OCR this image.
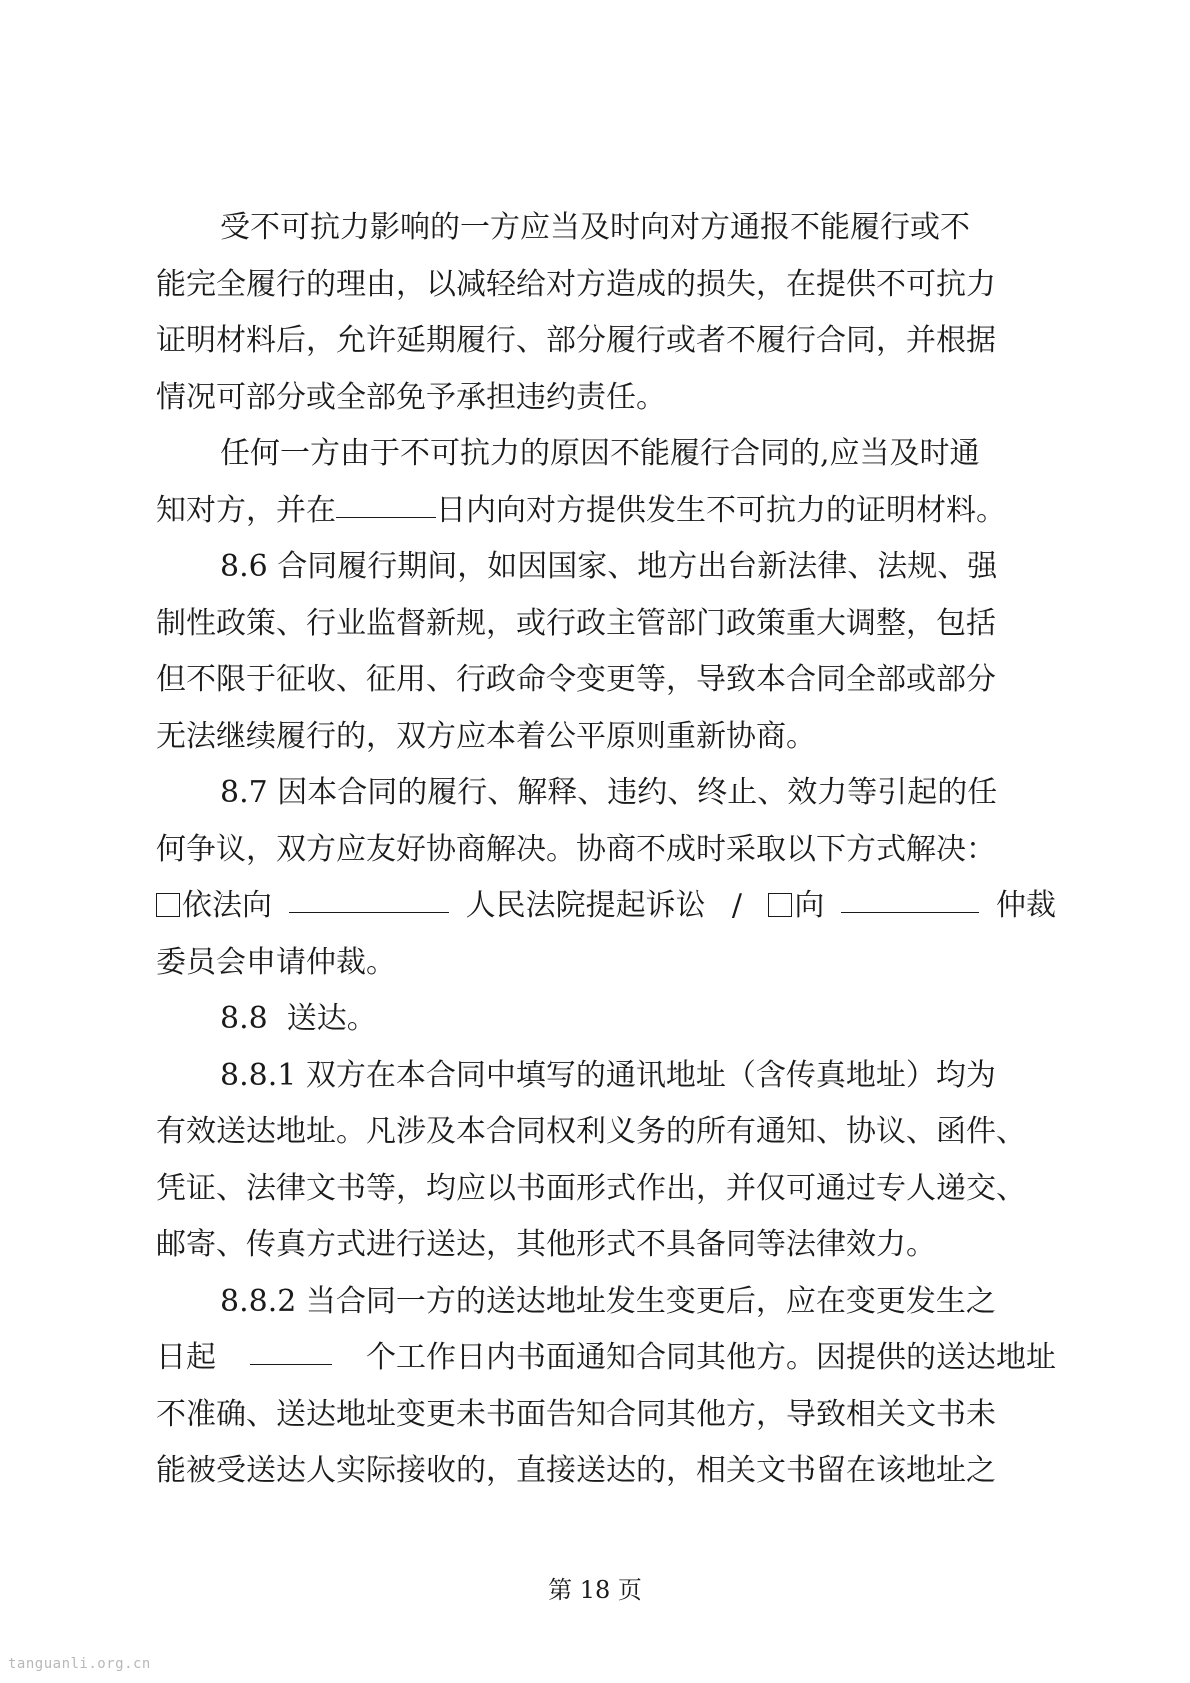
受不可抗力影响的一方应当及时向对方通报不能履行或不
能完全履行的理由，以减轻给对方造成的损失，在提供不可抗力
证明材料后，允许延期履行、部分履行或者不履行合同，并根据
情况可部分或全部免予承担违约责任。
任何一方由于不可抗力的原因不能履行合同的,应当及时通
知对方，并在	日内向对方提供发生不可抗力的证明材料。
8.6 合同履行期间，如因国家、地方出台新法律、法规、强
制性政策、行业监督新规，或行政主管部门政策重大调整，包括
但不限于征收、征用、行政命令变更等，导致本合同全部或部分
无法继续履行的，双方应本着公平原则重新协商。
8.7 因本合同的履行、解释、违约、终止、效力等引起的任
何争议，双方应友好协商解决。协商不成时采取以下方式解决：
依法向	人民法院提起诉讼 /	向	仲裁
委员会申请仲裁。
8.8  送达。
8.8.1 双方在本合同中填写的通讯地址（含传真地址）均为
有效送达地址。凡涉及本合同权利义务的所有通知、协议、函件、
凭证、法律文书等，均应以书面形式作出，并仅可通过专人递交、
邮寄、传真方式进行送达，其他形式不具备同等法律效力。
8.8.2 当合同一方的送达地址发生变更后，应在变更发生之
日起	个工作日内书面通知合同其他方。因提供的送达地址
不准确、送达地址变更未书面告知合同其他方，导致相关文书未
能被受送达人实际接收的，直接送达的，相关文书留在该地址之
第 18 页
tanguanli.org.cn
